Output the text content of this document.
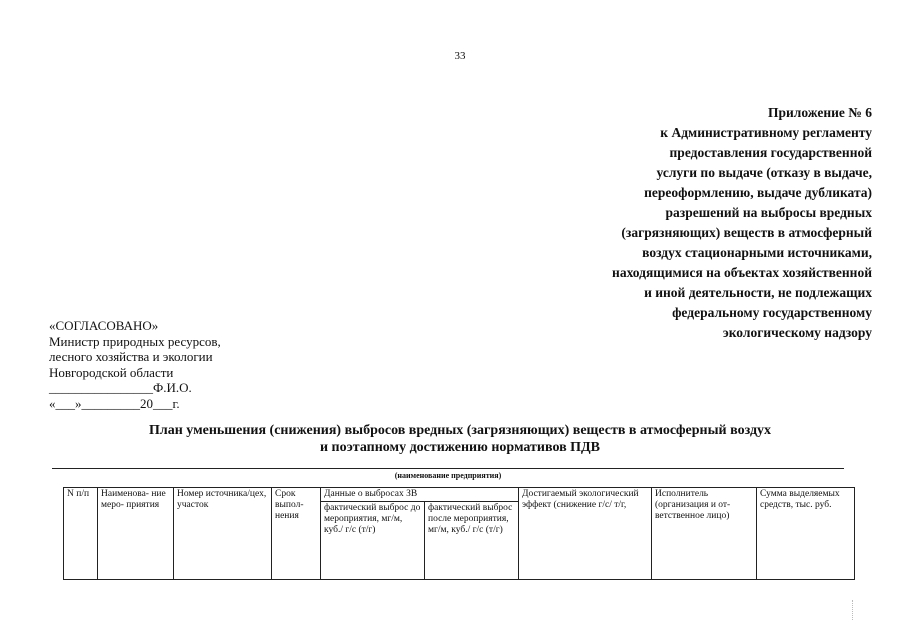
33
Приложение № 6
к Административному регламенту
предоставления государственной
услуги по выдаче (отказу в выдаче,
переоформлению, выдаче дубликата)
разрешений на выбросы вредных
(загрязняющих) веществ в атмосферный
воздух стационарными источниками,
находящимися на объектах хозяйственной
и иной деятельности, не подлежащих
федеральному государственному
экологическому надзору
«СОГЛАСОВАНО»
Министр природных ресурсов,
лесного хозяйства и экологии
Новгородской области
________________Ф.И.О.
«___»_________20___г.
План уменьшения (снижения) выбросов вредных (загрязняющих) веществ в атмосферный воздух
и поэтапному достижению нормативов ПДВ
(наименование предприятия)
N п/п	Наименова- ние меро- приятия	Номер источника/цех, участок	Срок выпол- нения	Данные о выбросах ЗВ		Достигаемый экологический эффект (снижение г/с/ т/г,	Исполнитель (организация и от- ветственное лицо)	Сумма выделяемых средств, тыс. руб.
				фактический выброс до мероприятия, мг/м, куб./ г/с (т/г)	фактический выброс после мероприятия, мг/м, куб./ г/с (т/г)			
